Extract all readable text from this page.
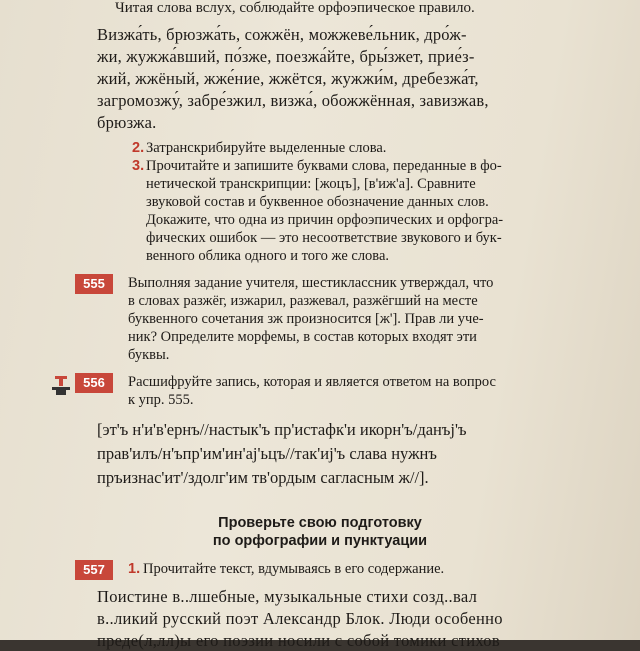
Читая слова вслух, соблюдайте орфоэпическое правило.
Визжа́ть, брюзжа́ть, сожжён, можжеве́льник, дро́ж-
жи, жужжа́вший, по́зже, поезжа́йте, бры́зжет, прие́з-
жий, жжёный, жже́ние, жжётся, жужжи́м, дребезжа́т,
загромозжу́, забре́зжил, визжа́, обожжённая, завизжав,
брюзжа.
2. Затранскрибируйте выделенные слова.
3. Прочитайте и запишите буквами слова, переданные в фо-
нетической транскрипции: [жоцъ], [в'иж'а]. Сравните
звуковой состав и буквенное обозначение данных слов.
Докажите, что одна из причин орфоэпических и орфогра-
фических ошибок — это несоответствие звукового и бук-
венного облика одного и того же слова.
555	Выполняя задание учителя, шестиклассник утверждал, что
в словах разжёг, изжарил, разжевал, разжёгший на месте
буквенного сочетания зж произносится [ж']. Прав ли уче-
ник? Определите морфемы, в состав которых входят эти
буквы.
556	Расшифруйте запись, которая и является ответом на вопрос
к упр. 555.
[эт'ъ н'и'в'ернъ//настык'ъ пр'истафк'и икорн'ъ/данъј'ъ
прав'илъ/н'ъпр'им'ин'ај'ьцъ//так'иј'ъ слава нужнъ
пръизнас'ит'/здолг'им тв'ордым сагласным ж//].
Проверьте свою подготовку
по орфографии и пунктуации
557	1. Прочитайте текст, вдумываясь в его содержание.
Поистине в..лшебные, музыкальные стихи созд..вал
в..ликий русский поэт Александр Блок. Люди особенно
преде(л,лл)ы его поэзии носили с собой томики стихов
